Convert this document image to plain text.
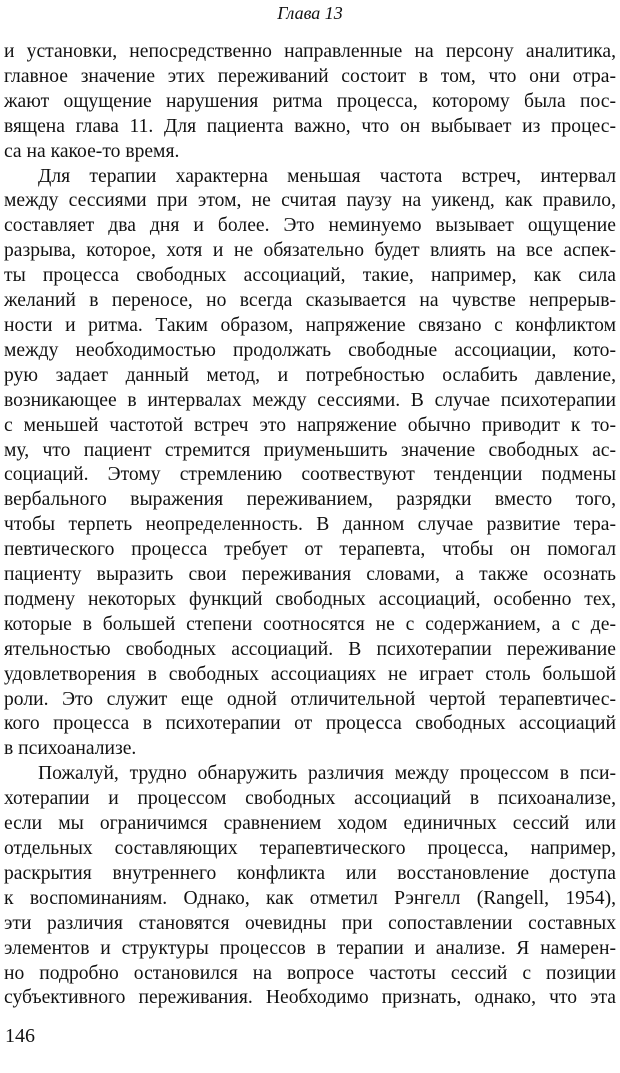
Глава 13
и установки, непосредственно направленные на персону аналитика,
главное значение этих переживаний состоит в том, что они отра-
жают ощущение нарушения ритма процесса, которому была пос-
вящена глава 11. Для пациента важно, что он выбывает из процес-
са на какое-то время.
Для терапии характерна меньшая частота встреч, интервал
между сессиями при этом, не считая паузу на уикенд, как правило,
составляет два дня и более. Это неминуемо вызывает ощущение
разрыва, которое, хотя и не обязательно будет влиять на все аспек-
ты процесса свободных ассоциаций, такие, например, как сила
желаний в переносе, но всегда сказывается на чувстве непрерыв-
ности и ритма. Таким образом, напряжение связано с конфликтом
между необходимостью продолжать свободные ассоциации, кото-
рую задает данный метод, и потребностью ослабить давление,
возникающее в интервалах между сессиями. В случае психотерапии
с меньшей частотой встреч это напряжение обычно приводит к то-
му, что пациент стремится приуменьшить значение свободных ас-
социаций. Этому стремлению соотвествуют тенденции подмены
вербального выражения переживанием, разрядки вместо того,
чтобы терпеть неопределенность. В данном случае развитие тера-
певтического процесса требует от терапевта, чтобы он помогал
пациенту выразить свои переживания словами, а также осознать
подмену некоторых функций свободных ассоциаций, особенно тех,
которые в большей степени соотносятся не с содержанием, а с де-
ятельностью свободных ассоциаций. В психотерапии переживание
удовлетворения в свободных ассоциациях не играет столь большой
роли. Это служит еще одной отличительной чертой терапевтичес-
кого процесса в психотерапии от процесса свободных ассоциаций
в психоанализе.
Пожалуй, трудно обнаружить различия между процессом в пси-
хотерапии и процессом свободных ассоциаций в психоанализе,
если мы ограничимся сравнением ходом единичных сессий или
отдельных составляющих терапевтического процесса, например,
раскрытия внутреннего конфликта или восстановление доступа
к воспоминаниям. Однако, как отметил Рэнгелл (Rangell, 1954),
эти различия становятся очевидны при сопоставлении составных
элементов и структуры процессов в терапии и анализе. Я намерен-
но подробно остановился на вопросе частоты сессий с позиции
субъективного переживания. Необходимо признать, однако, что эта
146
